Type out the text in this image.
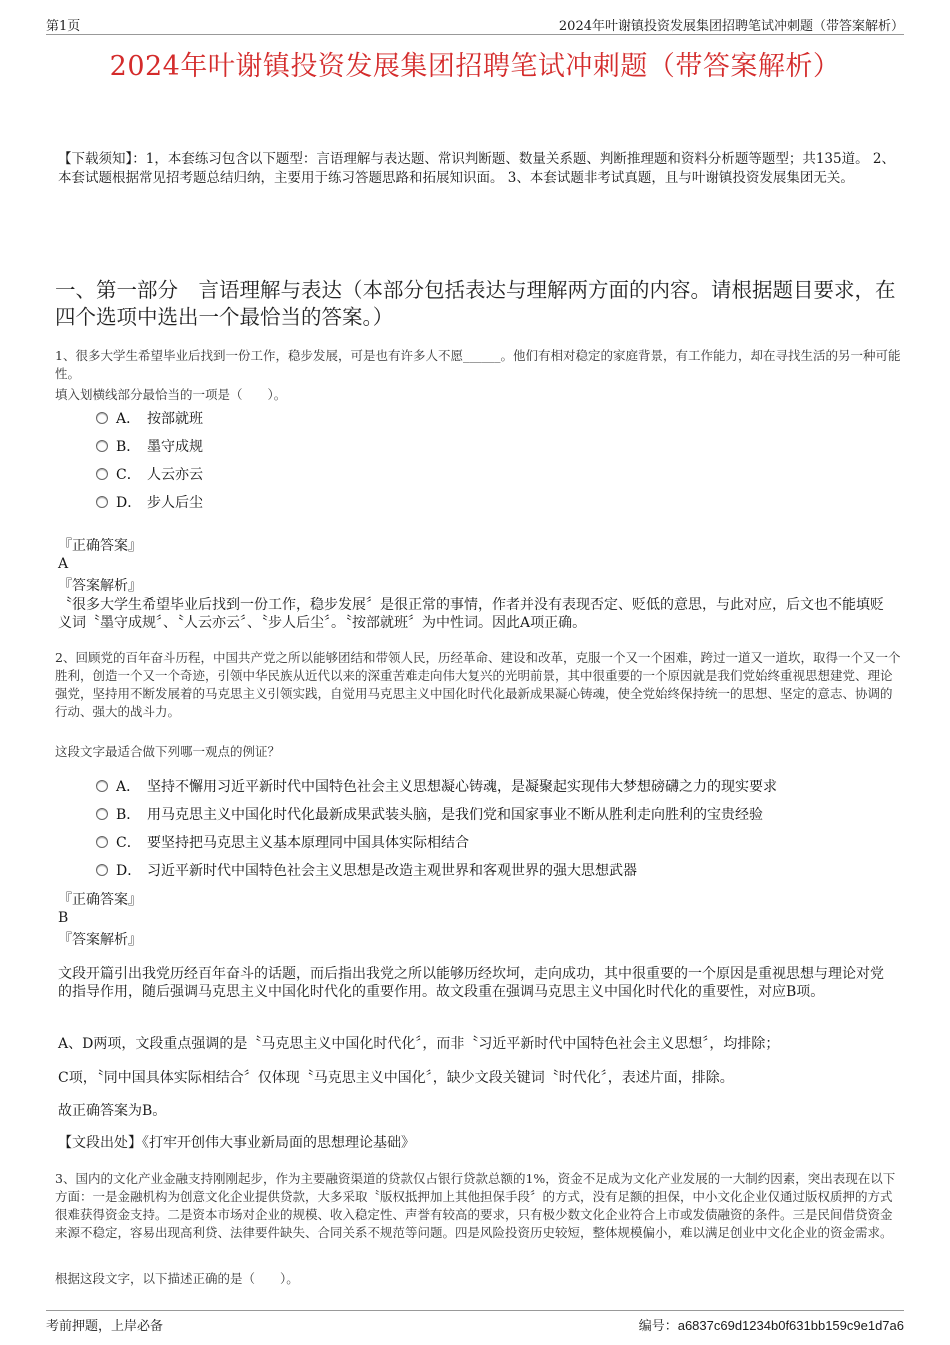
第1页	2024年叶谢镇投资发展集团招聘笔试冲刺题（带答案解析）
2024年叶谢镇投资发展集团招聘笔试冲刺题（带答案解析）
【下载须知】：1，本套练习包含以下题型：言语理解与表达题、常识判断题、数量关系题、判断推理题和资料分析题等题型；共135道。 2、本套试题根据常见招考题总结归纳，主要用于练习答题思路和拓展知识面。 3、本套试题非考试真题，且与叶谢镇投资发展集团无关。
一、第一部分　言语理解与表达（本部分包括表达与理解两方面的内容。请根据题目要求，在四个选项中选出一个最恰当的答案。）
1、很多大学生希望毕业后找到一份工作，稳步发展，可是也有许多人不愿______。他们有相对稳定的家庭背景，有工作能力，却在寻找生活的另一种可能性。
填入划横线部分最恰当的一项是（　　）。
A． 按部就班
B． 墨守成规
C． 人云亦云
D． 步人后尘
『正确答案』
A
『答案解析』
〝很多大学生希望毕业后找到一份工作，稳步发展〞是很正常的事情，作者并没有表现否定、贬低的意思，与此对应，后文也不能填贬义词〝墨守成规〞、〝人云亦云〞、〝步人后尘〞。〝按部就班〞为中性词。因此A项正确。
2、回顾党的百年奋斗历程，中国共产党之所以能够团结和带领人民，历经革命、建设和改革，克服一个又一个困难，跨过一道又一道坎，取得一个又一个胜利，创造一个又一个奇迹，引领中华民族从近代以来的深重苦难走向伟大复兴的光明前景，其中很重要的一个原因就是我们党始终重视思想建党、理论强党，坚持用不断发展着的马克思主义引领实践，自觉用马克思主义中国化时代化最新成果凝心铸魂，使全党始终保持统一的思想、坚定的意志、协调的行动、强大的战斗力。
这段文字最适合做下列哪一观点的例证？
A． 坚持不懈用习近平新时代中国特色社会主义思想凝心铸魂，是凝聚起实现伟大梦想磅礴之力的现实要求
B． 用马克思主义中国化时代化最新成果武装头脑，是我们党和国家事业不断从胜利走向胜利的宝贵经验
C． 要坚持把马克思主义基本原理同中国具体实际相结合
D． 习近平新时代中国特色社会主义思想是改造主观世界和客观世界的强大思想武器
『正确答案』
B
『答案解析』
文段开篇引出我党历经百年奋斗的话题，而后指出我党之所以能够历经坎坷，走向成功，其中很重要的一个原因是重视思想与理论对党的指导作用，随后强调马克思主义中国化时代化的重要作用。故文段重在强调马克思主义中国化时代化的重要性，对应B项。
A、D两项，文段重点强调的是〝马克思主义中国化时代化〞，而非〝习近平新时代中国特色社会主义思想〞，均排除；
C项，〝同中国具体实际相结合〞仅体现〝马克思主义中国化〞，缺少文段关键词〝时代化〞，表述片面，排除。
故正确答案为B。
【文段出处】《打牢开创伟大事业新局面的思想理论基础》
3、国内的文化产业金融支持刚刚起步，作为主要融资渠道的贷款仅占银行贷款总额的1%，资金不足成为文化产业发展的一大制约因素，突出表现在以下方面：一是金融机构为创意文化企业提供贷款，大多采取〝版权抵押加上其他担保手段〞的方式，没有足额的担保，中小文化企业仅通过版权质押的方式很难获得资金支持。二是资本市场对企业的规模、收入稳定性、声誉有较高的要求，只有极少数文化企业符合上市或发债融资的条件。三是民间借贷资金来源不稳定，容易出现高利贷、法律要件缺失、合同关系不规范等问题。四是风险投资历史较短，整体规模偏小，难以满足创业中文化企业的资金需求。
根据这段文字，以下描述正确的是（　　）。
考前押题，上岸必备	编号：a6837c69d1234b0f631bb159c9e1d7a6
